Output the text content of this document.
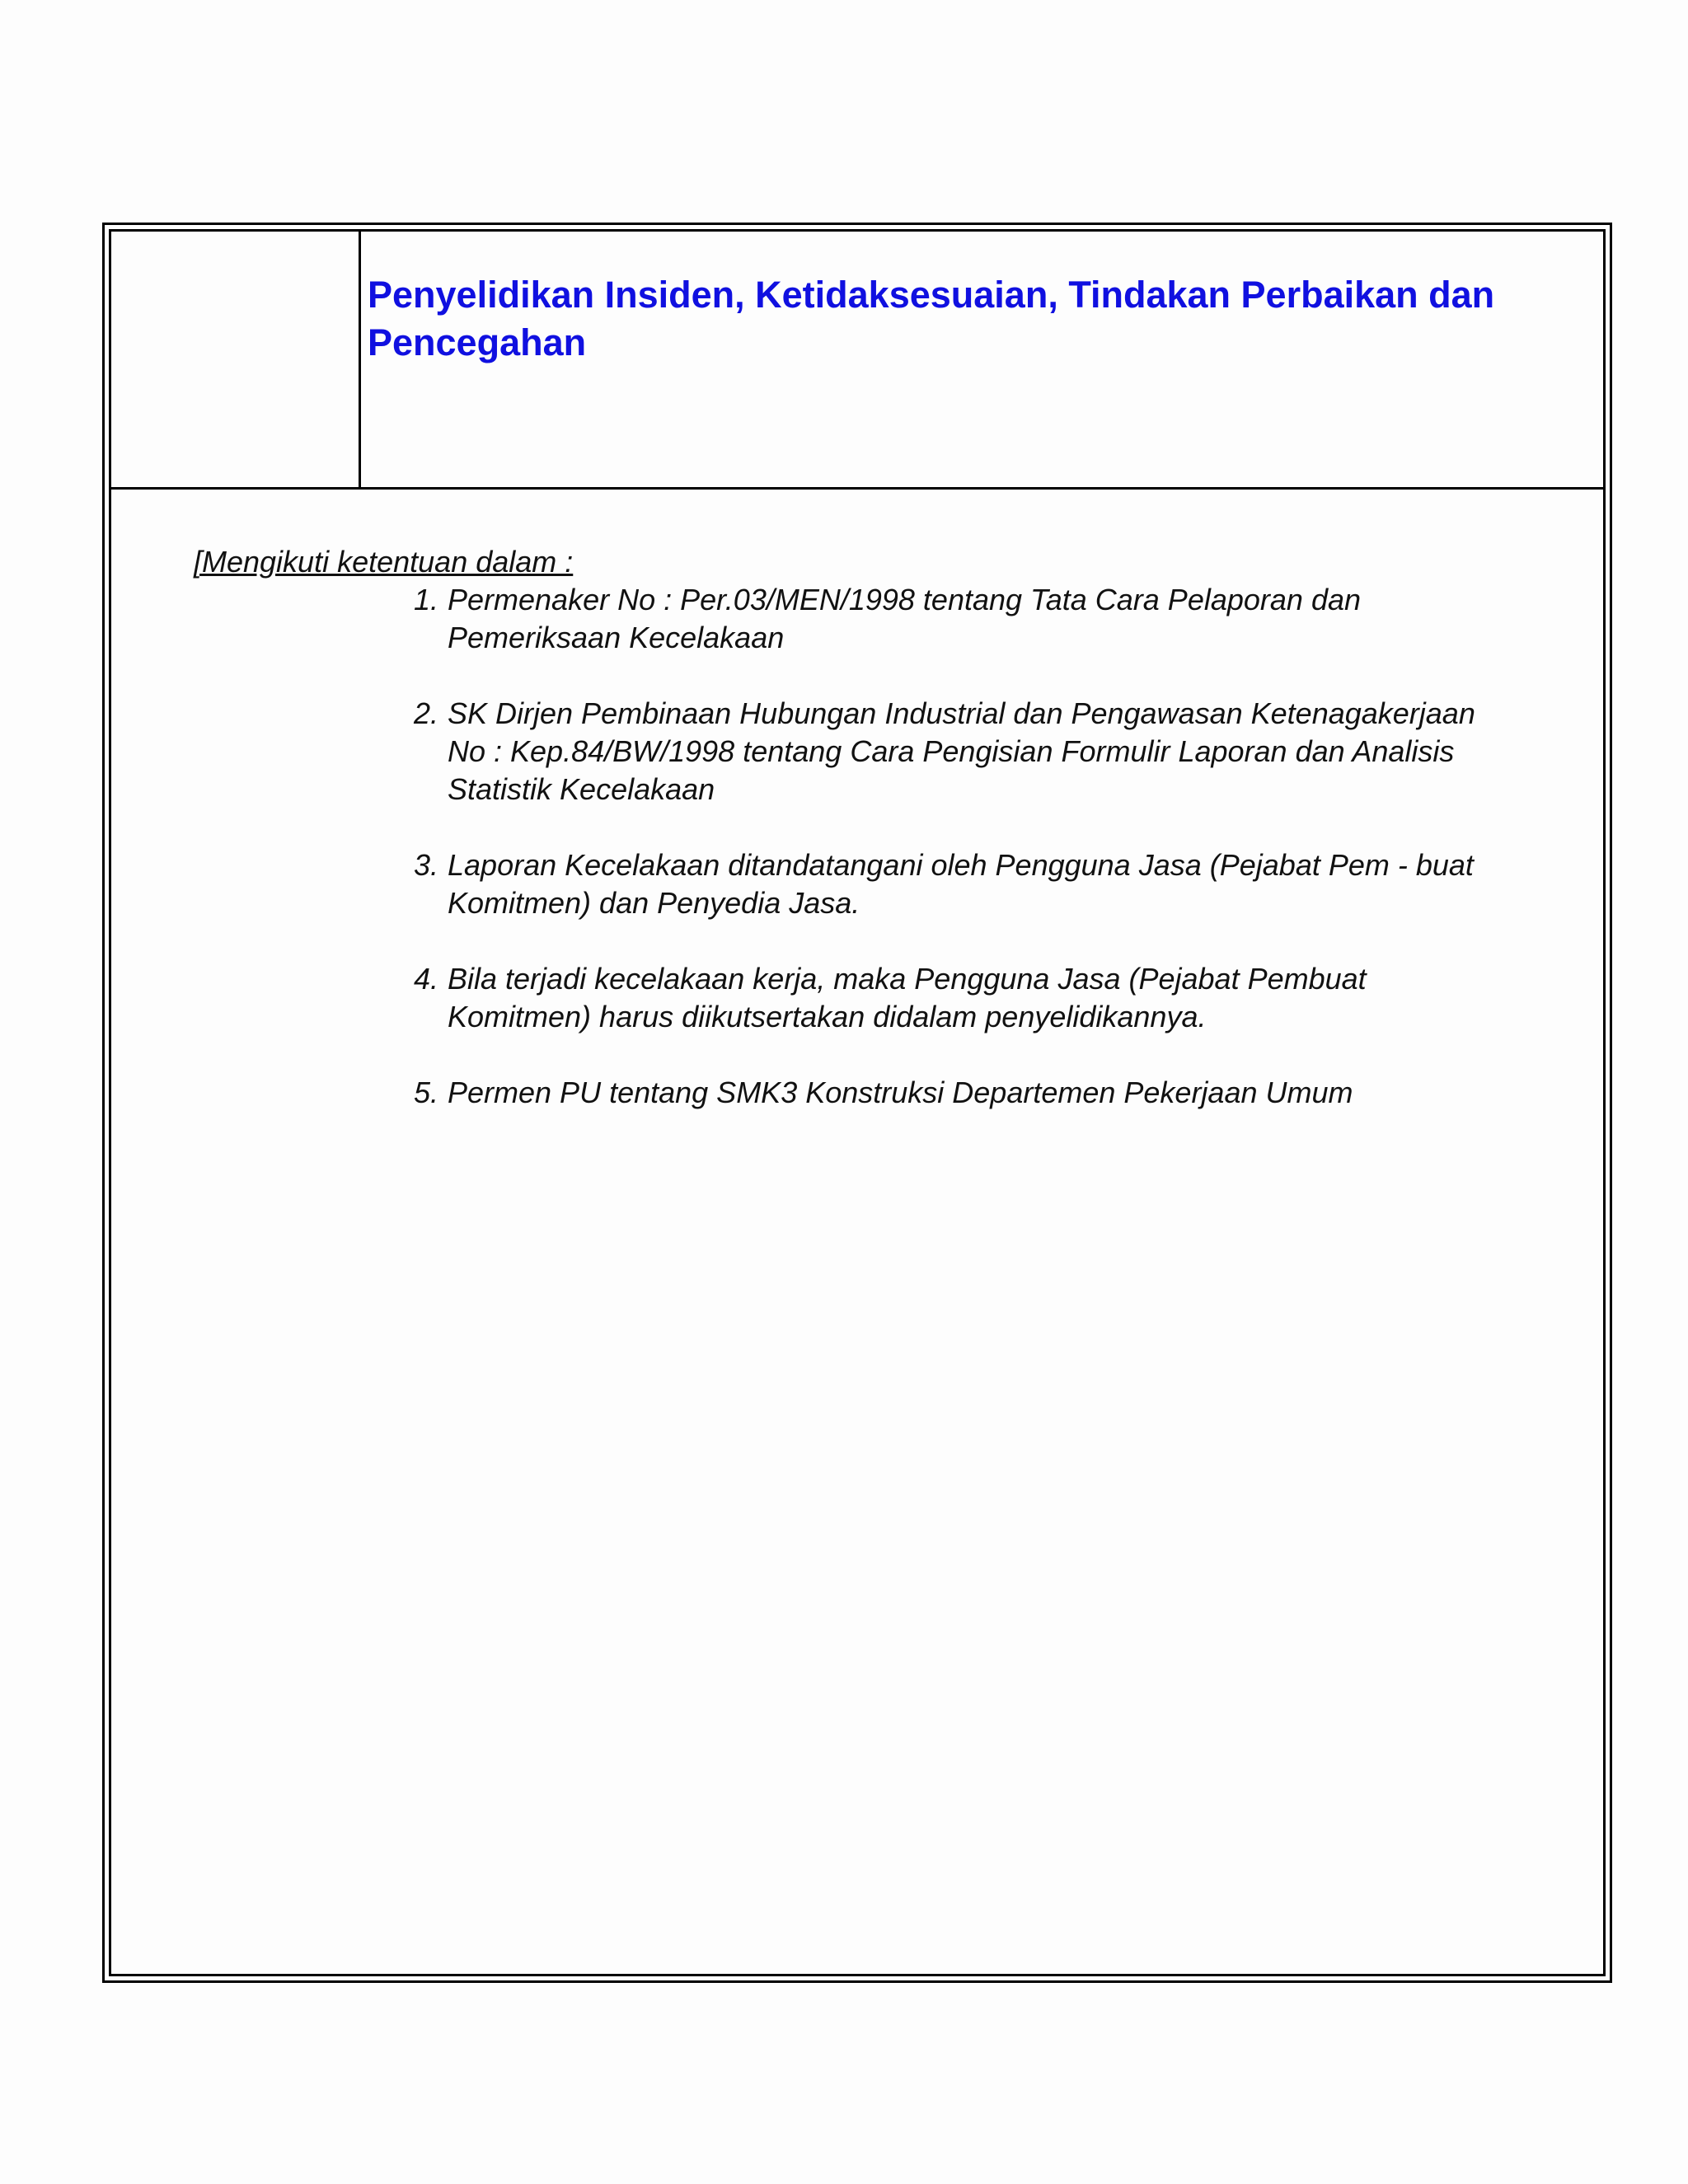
Penyelidikan Insiden, Ketidaksesuaian, Tindakan Perbaikan dan Pencegahan

[Mengikuti ketentuan dalam :

1. Permenaker No : Per.03/MEN/1998 tentang Tata Cara Pelaporan dan Pemeriksaan Kecelakaan
2. SK Dirjen Pembinaan Hubungan Industrial dan Pengawasan Ketenagakerjaan No : Kep.84/BW/1998 tentang Cara Pengisian Formulir Laporan dan Analisis Statistik Kecelakaan
3. Laporan Kecelakaan ditandatangani oleh Pengguna Jasa (Pejabat Pem - buat Komitmen) dan Penyedia Jasa.
4. Bila terjadi kecelakaan kerja, maka Pengguna Jasa (Pejabat Pembuat Komitmen) harus diikutsertakan didalam penyelidikannya.
5. Permen PU tentang SMK3 Konstruksi Departemen Pekerjaan Umum
